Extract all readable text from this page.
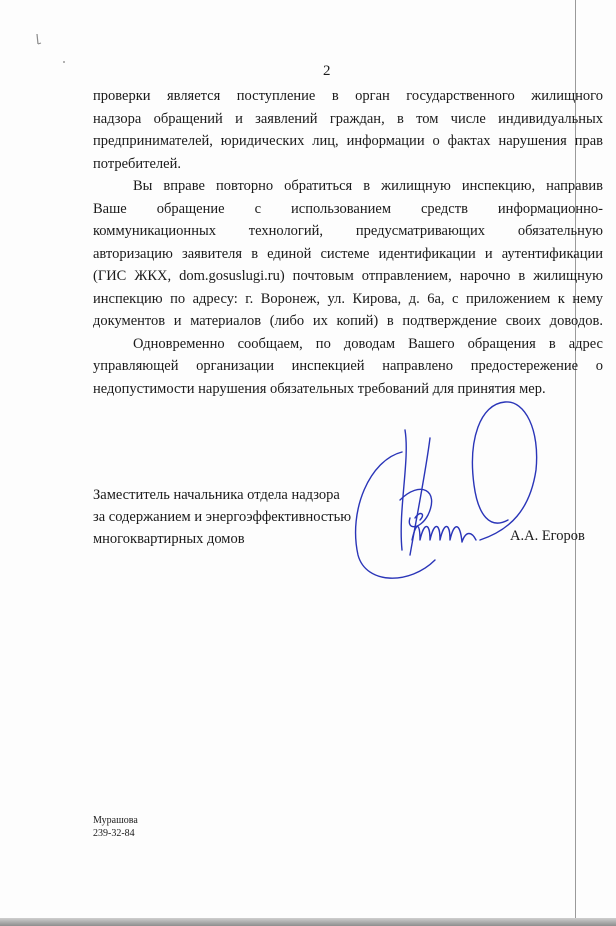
2
проверки является поступление в орган государственного жилищного
надзора обращений и заявлений граждан, в том числе индивидуальных
предпринимателей, юридических лиц, информации о фактах нарушения прав
потребителей.
Вы вправе повторно обратиться в жилищную инспекцию, направив
Ваше обращение с использованием средств информационно-
коммуникационных технологий, предусматривающих обязательную
авторизацию заявителя в единой системе идентификации и аутентификации
(ГИС ЖКХ, dom.gosuslugi.ru) почтовым отправлением, нарочно в жилищную
инспекцию по адресу: г. Воронеж, ул. Кирова, д. 6а, с приложением к нему
документов и материалов (либо их копий) в подтверждение своих доводов.
Одновременно сообщаем, по доводам Вашего обращения в адрес
управляющей организации инспекцией направлено предостережение о
недопустимости нарушения обязательных требований для принятия мер.
Заместитель начальника отдела надзора
за содержанием и энергоэффективностью
многоквартирных домов	А.А. Егоров
Мурашова
239-32-84
